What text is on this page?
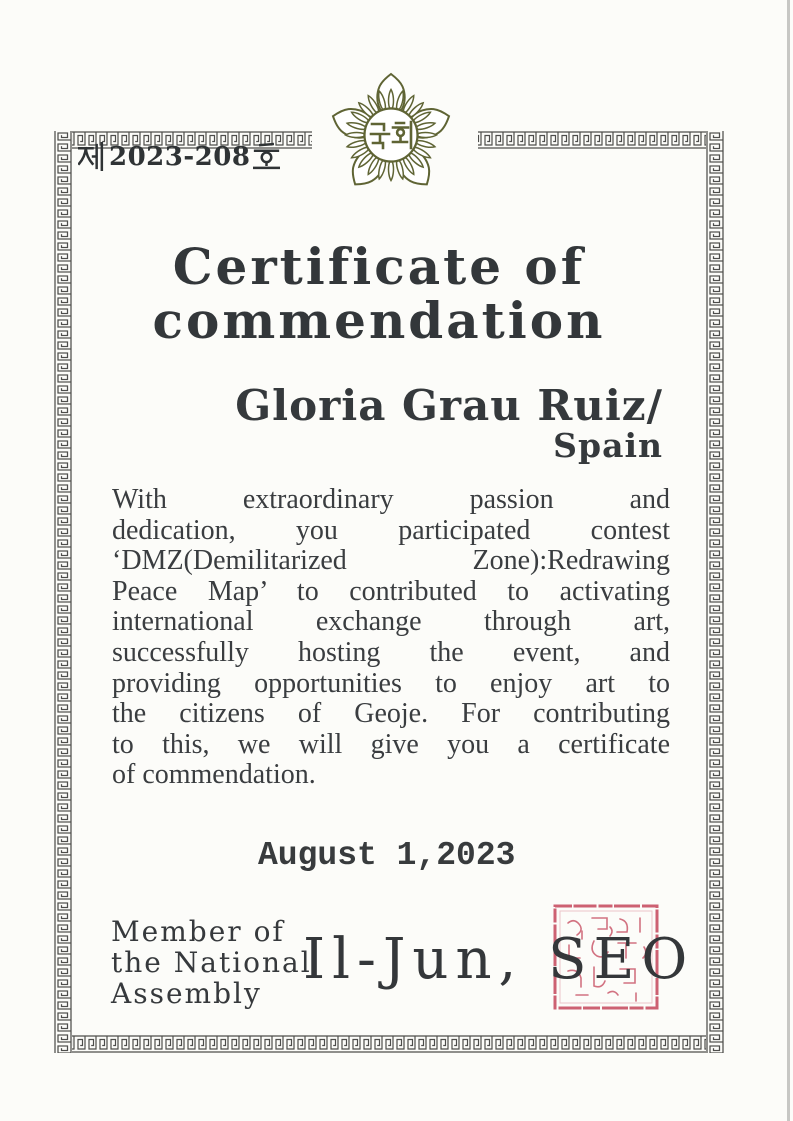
2023-208
Certificate of
commendation
Gloria Grau Ruiz/
Spain
With extraordinary passion and
dedication, you participated contest
‘DMZ(Demilitarized Zone):Redrawing
Peace Map’ to contributed to activating
international exchange through art,
successfully hosting the event, and
providing opportunities to enjoy art to
the citizens of Geoje. For contributing
to this, we will give you a certificate
of commendation.
August 1,2023
Member of
the National
Assembly
Il-Jun, SEO
